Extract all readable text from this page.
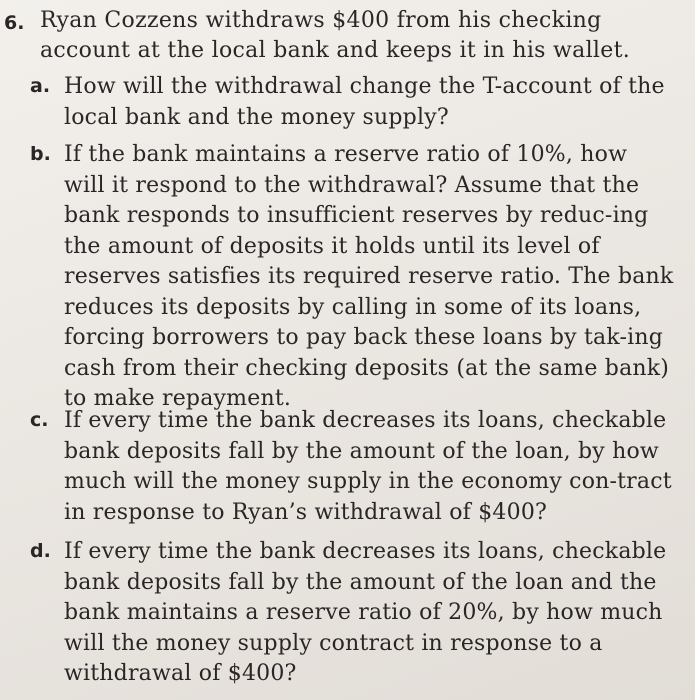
6. Ryan Cozzens withdraws $400 from his checking account at the local bank and keeps it in his wallet.
a. How will the withdrawal change the T-account of the local bank and the money supply?
b. If the bank maintains a reserve ratio of 10%, how will it respond to the withdrawal? Assume that the bank responds to insufficient reserves by reduc-ing the amount of deposits it holds until its level of reserves satisfies its required reserve ratio. The bank reduces its deposits by calling in some of its loans, forcing borrowers to pay back these loans by tak-ing cash from their checking deposits (at the same bank) to make repayment.
c. If every time the bank decreases its loans, checkable bank deposits fall by the amount of the loan, by how much will the money supply in the economy con-tract in response to Ryan’s withdrawal of $400?
d. If every time the bank decreases its loans, checkable bank deposits fall by the amount of the loan and the bank maintains a reserve ratio of 20%, by how much will the money supply contract in response to a withdrawal of $400?
